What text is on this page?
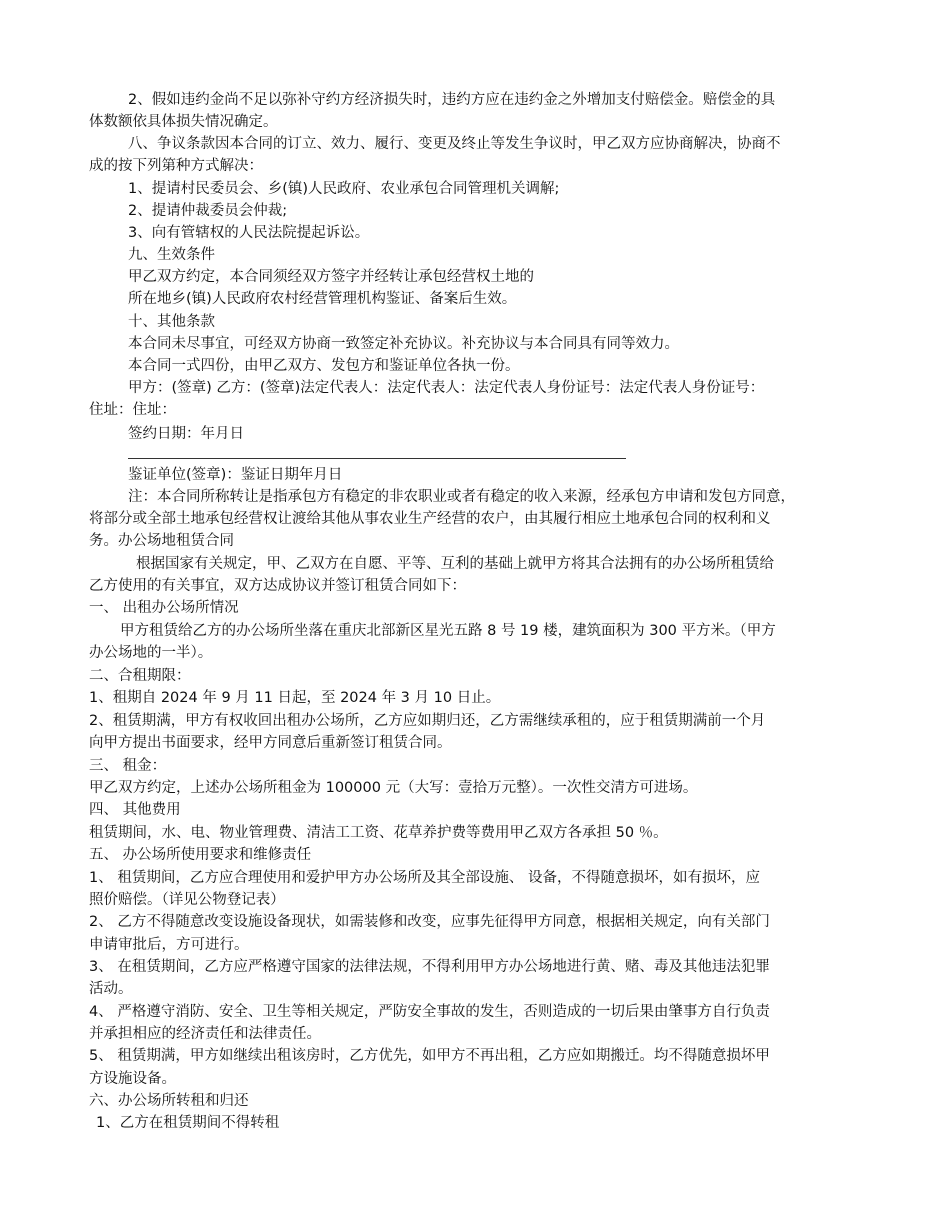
2、假如违约金尚不足以弥补守约方经济损失时，违约方应在违约金之外增加支付赔偿金。赔偿金的具
体数额依具体损失情况确定。
八、争议条款因本合同的订立、效力、履行、变更及终止等发生争议时，甲乙双方应协商解决，协商不
成的按下列第种方式解决：
1、提请村民委员会、乡(镇)人民政府、农业承包合同管理机关调解;
2、提请仲裁委员会仲裁;
3、向有管辖权的人民法院提起诉讼。
九、生效条件
甲乙双方约定，本合同须经双方签字并经转让承包经营权土地的
所在地乡(镇)人民政府农村经营管理机构鉴证、备案后生效。
十、其他条款
本合同未尽事宜，可经双方协商一致签定补充协议。补充协议与本合同具有同等效力。
本合同一式四份，由甲乙双方、发包方和鉴证单位各执一份。
甲方：(签章) 乙方：(签章)法定代表人：法定代表人：法定代表人身份证号：法定代表人身份证号：
住址：住址：
签约日期：年月日
鉴证单位(签章)：鉴证日期年月日
注：本合同所称转让是指承包方有稳定的非农职业或者有稳定的收入来源，经承包方申请和发包方同意，
将部分或全部土地承包经营权让渡给其他从事农业生产经营的农户，由其履行相应土地承包合同的权利和义
务。办公场地租赁合同
根据国家有关规定，甲、乙双方在自愿、平等、互利的基础上就甲方将其合法拥有的办公场所租赁给
乙方使用的有关事宜，双方达成协议并签订租赁合同如下：
一、 出租办公场所情况
甲方租赁给乙方的办公场所坐落在重庆北部新区星光五路 8 号 19 楼，建筑面积为 300 平方米。（甲方
办公场地的一半）。
二、合租期限：
1、租期自 2024 年 9 月 11 日起，至 2024 年 3 月 10 日止。
2、租赁期满，甲方有权收回出租办公场所，乙方应如期归还，乙方需继续承租的，应于租赁期满前一个月
向甲方提出书面要求，经甲方同意后重新签订租赁合同。
三、 租金：
甲乙双方约定，上述办公场所租金为 100000 元（大写：壹拾万元整）。一次性交清方可进场。
四、 其他费用
租赁期间，水、电、物业管理费、清洁工工资、花草养护费等费用甲乙双方各承担 50 ％。
五、 办公场所使用要求和维修责任
1、 租赁期间，乙方应合理使用和爱护甲方办公场所及其全部设施、 设备，不得随意损坏，如有损坏，应
照价赔偿。（详见公物登记表）
2、 乙方不得随意改变设施设备现状，如需装修和改变，应事先征得甲方同意，根据相关规定，向有关部门
申请审批后，方可进行。
3、 在租赁期间，乙方应严格遵守国家的法律法规，不得利用甲方办公场地进行黄、赌、毒及其他违法犯罪
活动。
4、 严格遵守消防、安全、卫生等相关规定，严防安全事故的发生，否则造成的一切后果由肇事方自行负责
并承担相应的经济责任和法律责任。
5、 租赁期满，甲方如继续出租该房时，乙方优先，如甲方不再出租，乙方应如期搬迁。均不得随意损坏甲
方设施设备。
六、办公场所转租和归还
1、乙方在租赁期间不得转租
